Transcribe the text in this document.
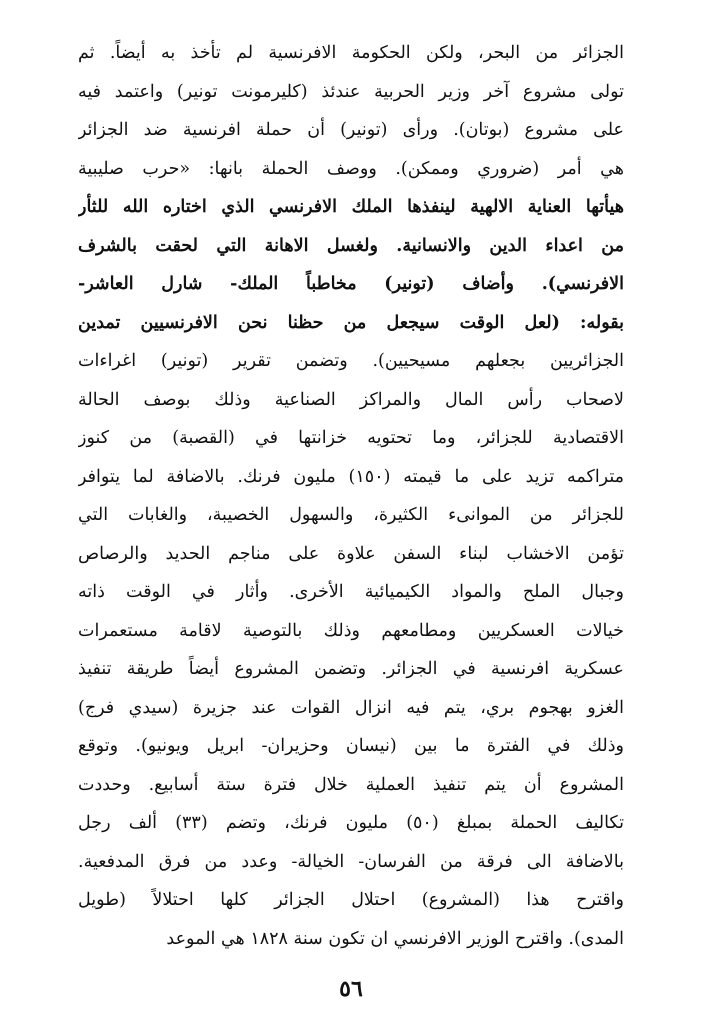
الجزائر من البحر، ولكن الحكومة الافرنسية لم تأخذ به أيضاً. ثم
تولى مشروع آخر وزير الحربية عندئذ (كليرمونت تونير) واعتمد فيه
على مشروع (بوتان). ورأى (تونير) أن حملة افرنسية ضد الجزائر
هي أمر (ضروري وممكن). ووصف الحملة بانها: «حرب صليبية
هيأتها العناية الالهية لينفذها الملك الافرنسي الذي اختاره الله للثأر
من اعداء الدين والانسانية. ولغسل الاهانة التي لحقت بالشرف
الافرنسي). وأضاف (تونير) مخاطباً الملك- شارل العاشر-
بقوله: (لعل الوقت سيجعل من حظنا نحن الافرنسيين تمدين
الجزائريين بجعلهم مسيحيين). وتضمن تقرير (تونير) اغراءات
لاصحاب رأس المال والمراكز الصناعية وذلك بوصف الحالة
الاقتصادية للجزائر، وما تحتويه خزانتها في (القصبة) من كنوز
متراكمه تزيد على ما قيمته (١٥٠) مليون فرنك. بالاضافة لما يتوافر
للجزائر من الموانىء الكثيرة، والسهول الخصيبة، والغابات التي
تؤمن الاخشاب لبناء السفن علاوة على مناجم الحديد والرصاص
وجبال الملح والمواد الكيميائية الأخرى. وأثار في الوقت ذاته
خيالات العسكريين ومطامعهم وذلك بالتوصية لاقامة مستعمرات
عسكرية افرنسية في الجزائر. وتضمن المشروع أيضاً طريقة تنفيذ
الغزو بهجوم بري، يتم فيه انزال القوات عند جزيرة (سيدي فرج)
وذلك في الفترة ما بين (نيسان وحزيران- ابريل ويونيو). وتوقع
المشروع أن يتم تنفيذ العملية خلال فترة ستة أسابيع. وحددت
تكاليف الحملة بمبلغ (٥٠) مليون فرنك، وتضم (٣٣) ألف رجل
بالاضافة الى فرقة من الفرسان- الخيالة- وعدد من فرق المدفعية.
واقترح هذا (المشروع) احتلال الجزائر كلها احتلالاً (طويل
المدى). واقترح الوزير الافرنسي ان تكون سنة ١٨٢٨ هي الموعد
٥٦
